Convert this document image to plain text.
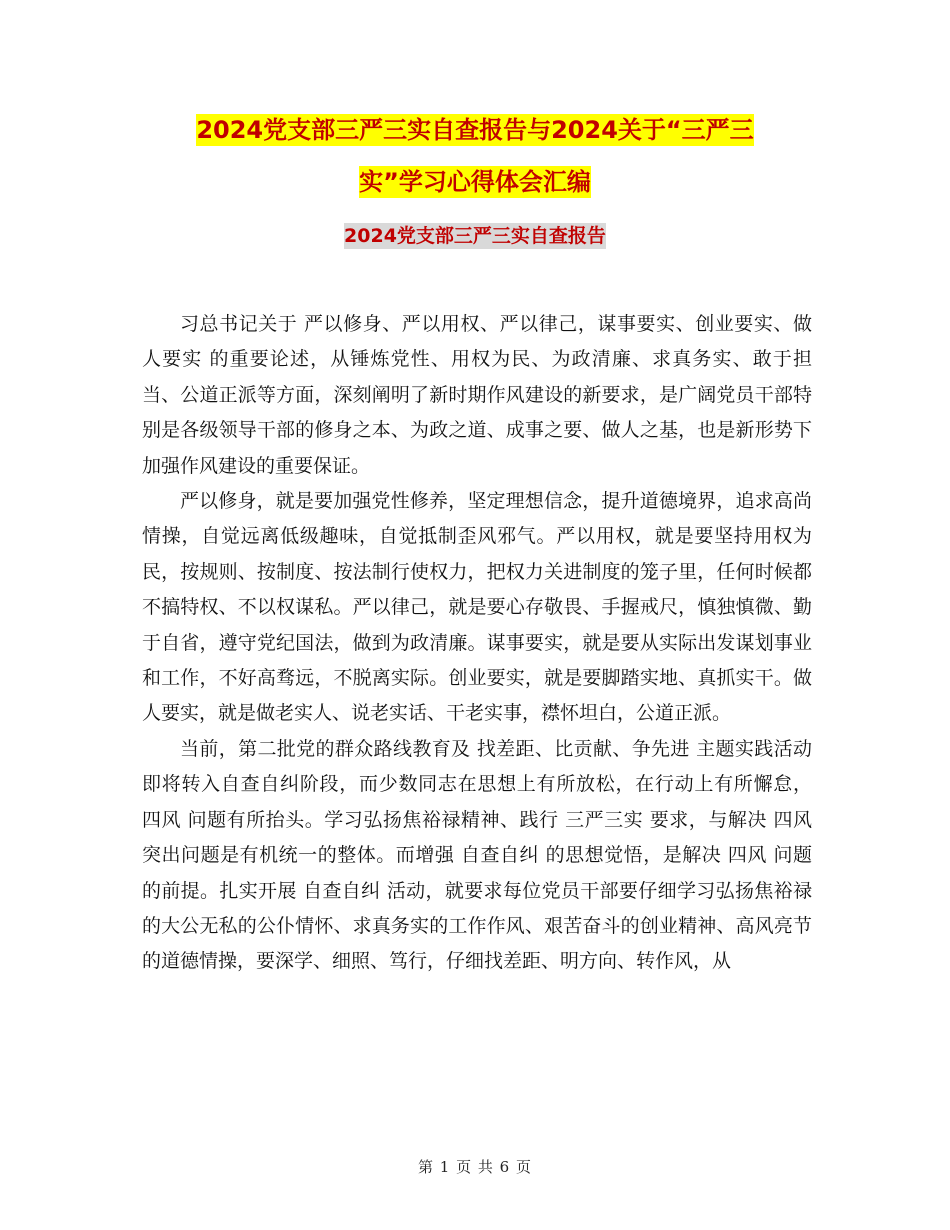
2024党支部三严三实自查报告与2024关于“三严三
实”学习心得体会汇编
2024党支部三严三实自查报告

习总书记关于 严以修身、严以用权、严以律己，谋事要实、创业要实、做人要实 的重要论述，从锤炼党性、用权为民、为政清廉、求真务实、敢于担当、公道正派等方面，深刻阐明了新时期作风建设的新要求，是广阔党员干部特别是各级领导干部的修身之本、为政之道、成事之要、做人之基，也是新形势下加强作风建设的重要保证。

严以修身，就是要加强党性修养，坚定理想信念，提升道德境界，追求高尚情操，自觉远离低级趣味，自觉抵制歪风邪气。严以用权，就是要坚持用权为民，按规则、按制度、按法制行使权力，把权力关进制度的笼子里，任何时候都不搞特权、不以权谋私。严以律己，就是要心存敬畏、手握戒尺，慎独慎微、勤于自省，遵守党纪国法，做到为政清廉。谋事要实，就是要从实际出发谋划事业和工作，不好高骛远，不脱离实际。创业要实，就是要脚踏实地、真抓实干。做人要实，就是做老实人、说老实话、干老实事，襟怀坦白，公道正派。

当前，第二批党的群众路线教育及 找差距、比贡献、争先进 主题实践活动即将转入自查自纠阶段，而少数同志在思想上有所放松，在行动上有所懈怠， 四风 问题有所抬头。学习弘扬焦裕禄精神、践行 三严三实 要求，与解决 四风 突出问题是有机统一的整体。而增强 自查自纠 的思想觉悟，是解决 四风 问题的前提。扎实开展 自查自纠 活动，就要求每位党员干部要仔细学习弘扬焦裕禄的大公无私的公仆情怀、求真务实的工作作风、艰苦奋斗的创业精神、高风亮节的道德情操，要深学、细照、笃行，仔细找差距、明方向、转作风，从

第 1 页 共 6 页
